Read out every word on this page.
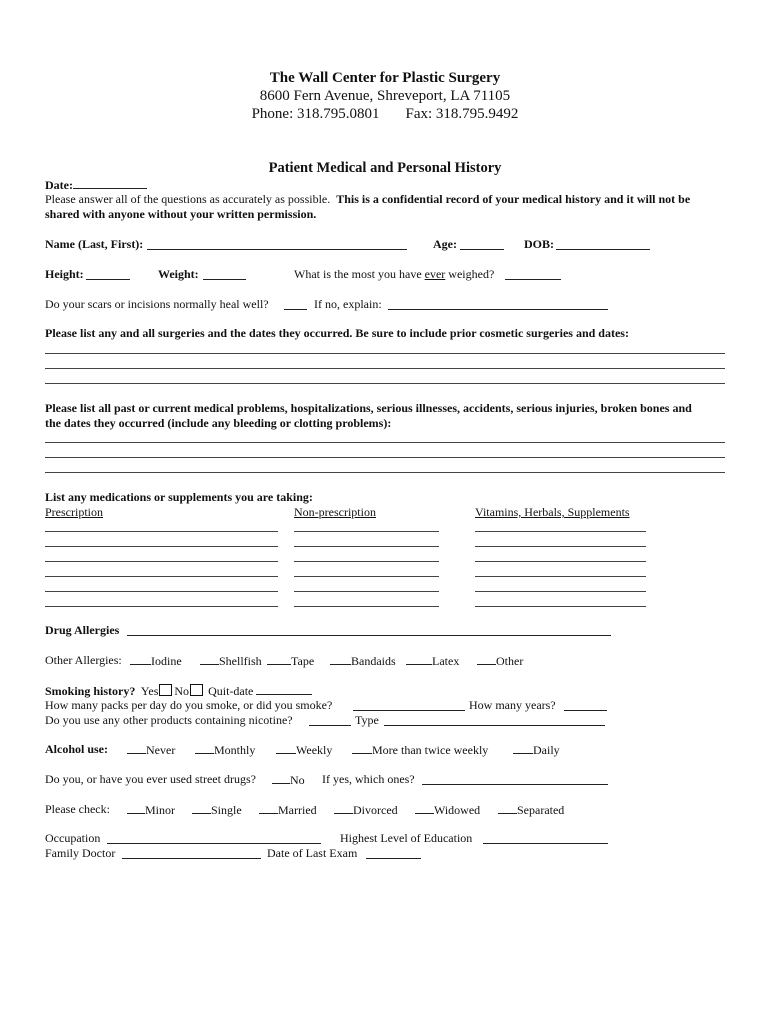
The Wall Center for Plastic Surgery
8600 Fern Avenue, Shreveport, LA 71105
Phone: 318.795.0801 Fax: 318.795.9492
Patient Medical and Personal History
Date:
Please answer all of the questions as accurately as possible. This is a confidential record of your medical history and it will not be
shared with anyone without your written permission.
Name (Last, First):	Age:	DOB:
Height:	Weight:	What is the most you have ever weighed?
Do your scars or incisions normally heal well?	If no, explain:
Please list any and all surgeries and the dates they occurred. Be sure to include prior cosmetic surgeries and dates:
Please list all past or current medical problems, hospitalizations, serious illnesses, accidents, serious injuries, broken bones and
the dates they occurred (include any bleeding or clotting problems):
List any medications or supplements you are taking:
Prescription	Non-prescription	Vitamins, Herbals, Supplements
Drug Allergies
Other Allergies:	Iodine	Shellfish	Tape	Bandaids	Latex	Other
Smoking history? Yes No Quit-date
How many packs per day do you smoke, or did you smoke?	How many years?
Do you use any other products containing nicotine?	Type
Alcohol use:	Never	Monthly	Weekly	More than twice weekly	Daily
Do you, or have you ever used street drugs?	No If yes, which ones?
Please check:	Minor	Single	Married	Divorced	Widowed	Separated
Occupation	Highest Level of Education
Family Doctor	Date of Last Exam
